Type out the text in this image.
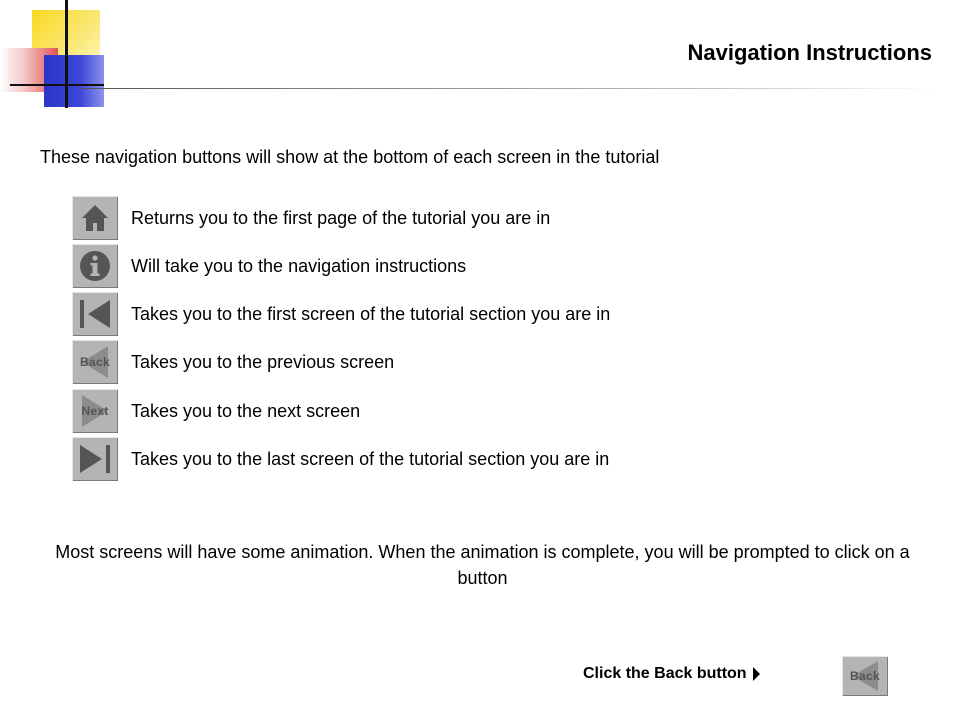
Navigation Instructions
These navigation buttons will show at the bottom of each screen in the tutorial
Returns you to the first page of the tutorial you are in
Will take you to the navigation instructions
Takes you to the first screen of the tutorial section you are in
Back	Takes you to the previous screen
Next	Takes you to the next screen
Takes you to the last screen of the tutorial section you are in
Most screens will have some animation. When the animation is complete, you will be prompted to click on a button
Click the Back button	Back
